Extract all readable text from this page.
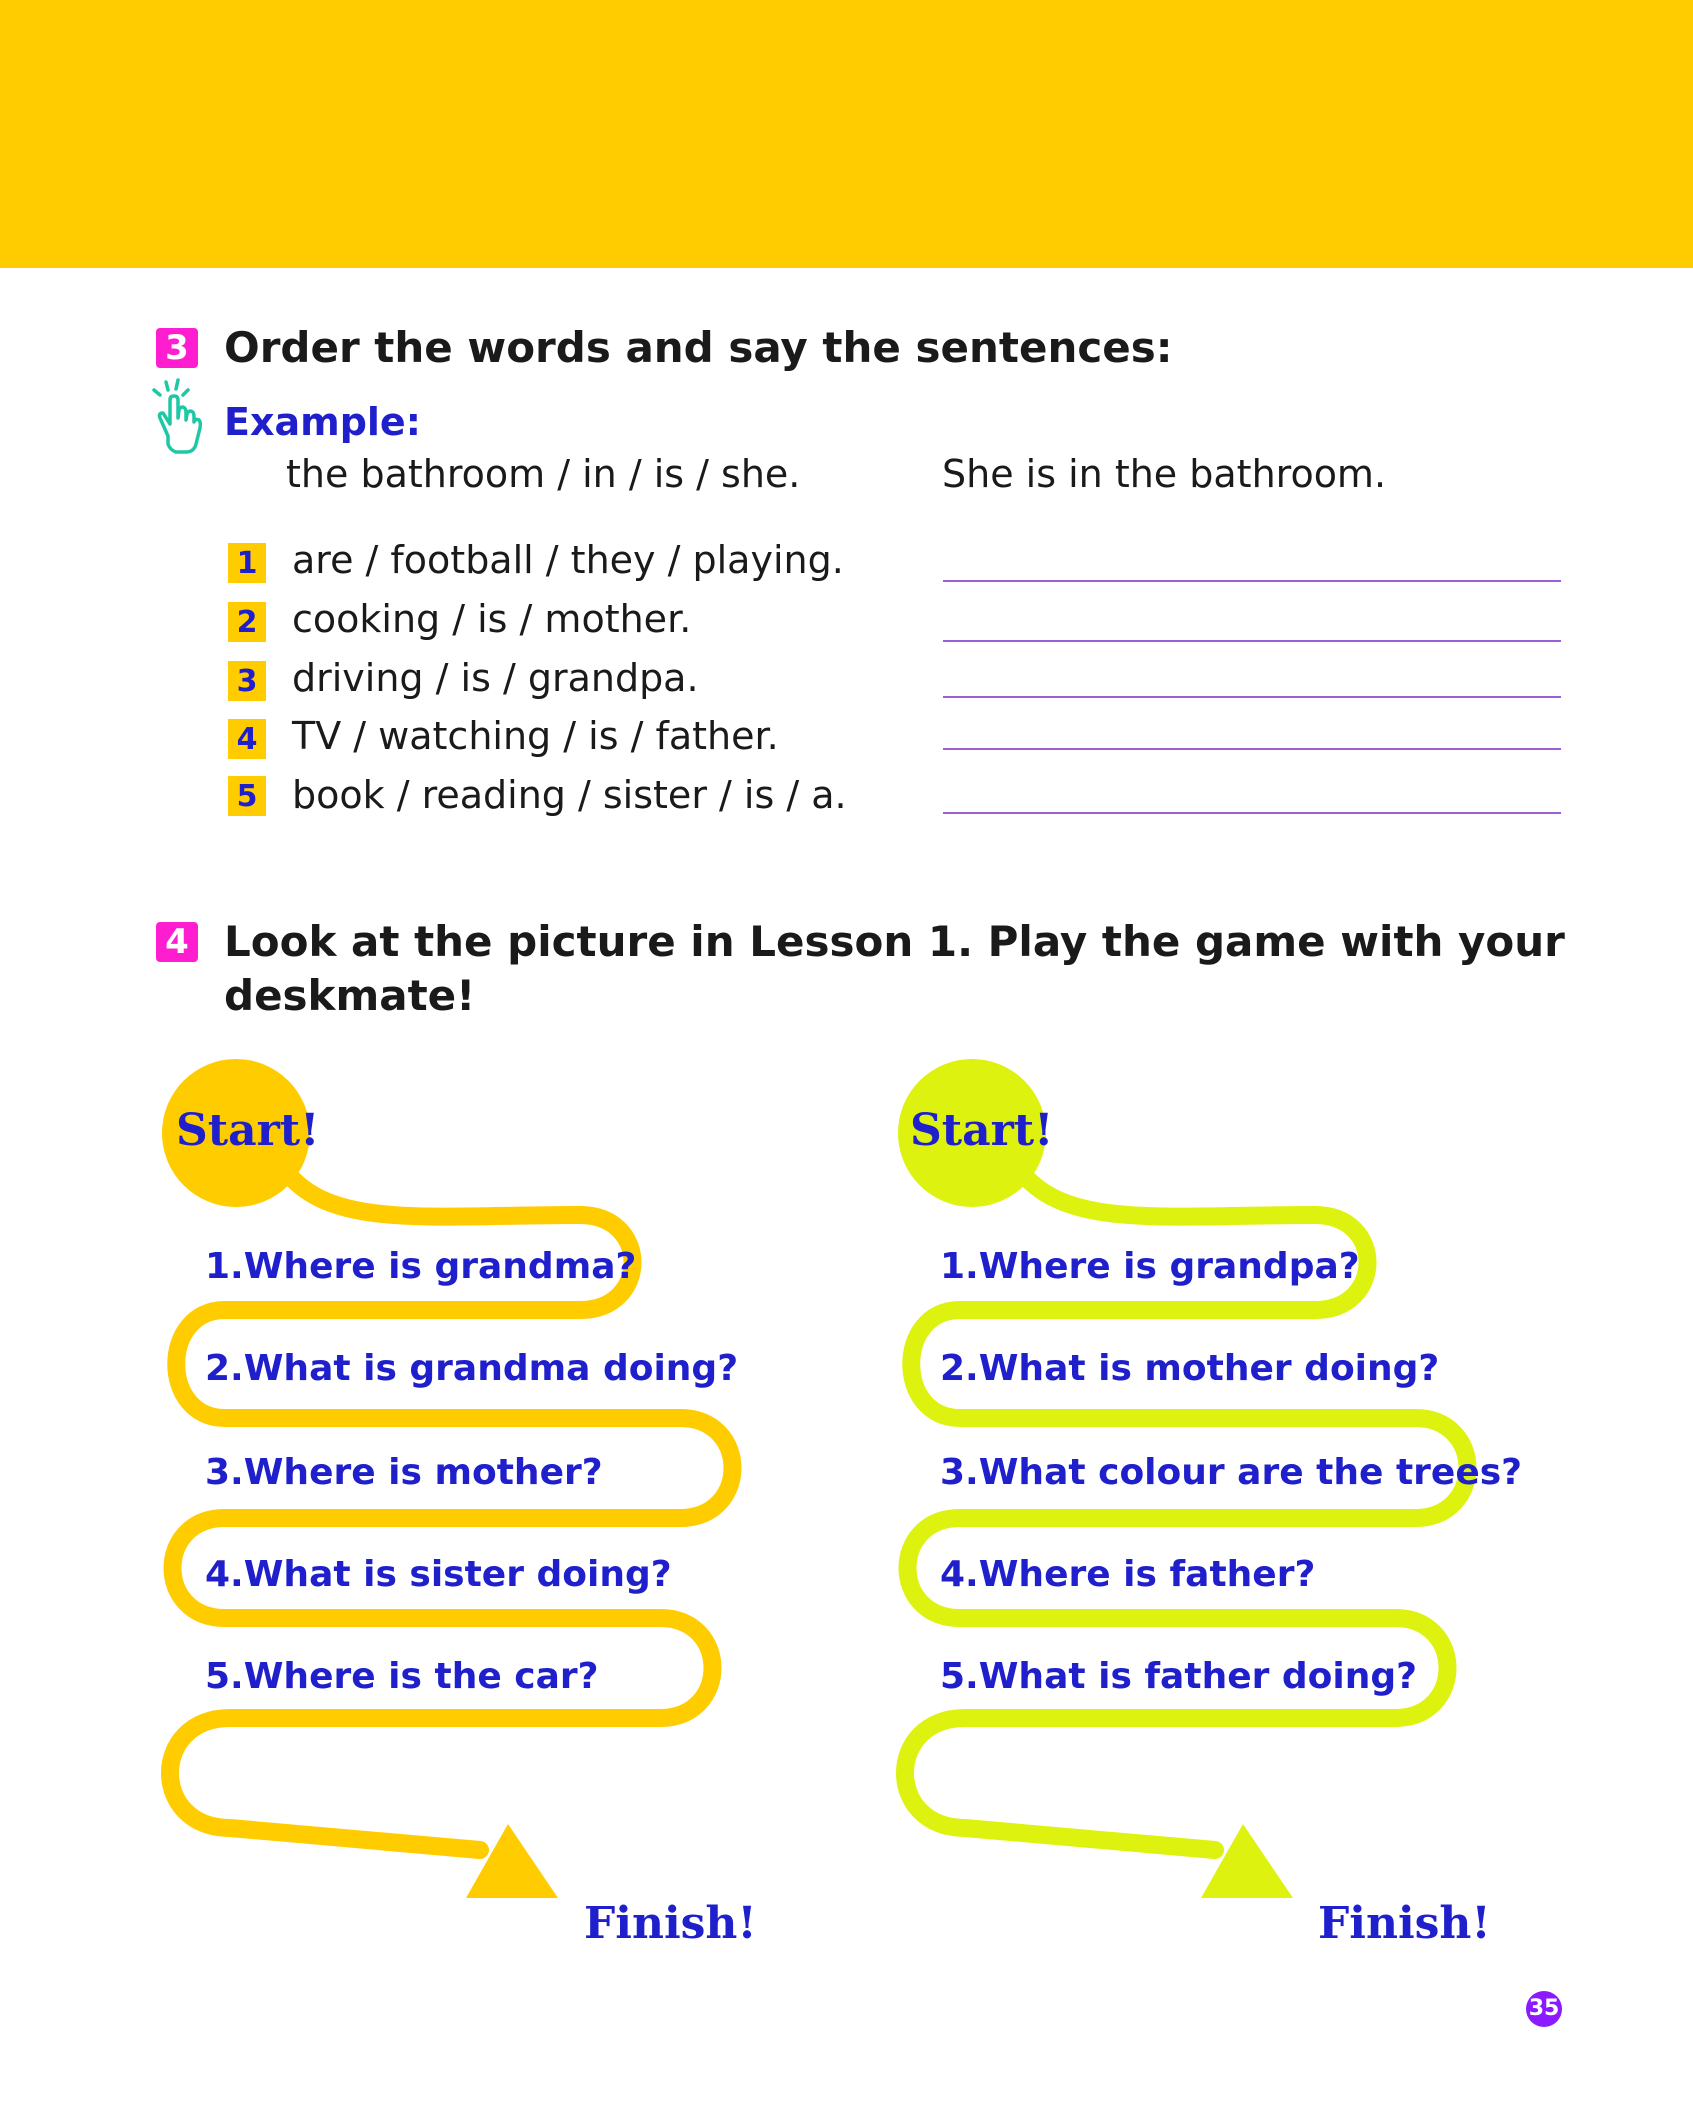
3 Order the words and say the sentences:
Example:
the bathroom / in / is / she.	She is in the bathroom.
1 are / football / they / playing.
2 cooking / is / mother.
3 driving / is / grandpa.
4 TV / watching / is / father.
5 book / reading / sister / is / a.
4 Look at the picture in Lesson 1. Play the game with your
deskmate!
Start!
1.Where is grandma?
2.What is grandma doing?
3.Where is mother?
4.What is sister doing?
5.Where is the car?
Finish!
Start!
1.Where is grandpa?
2.What is mother doing?
3.What colour are the trees?
4.Where is father?
5.What is father doing?
Finish!
35
